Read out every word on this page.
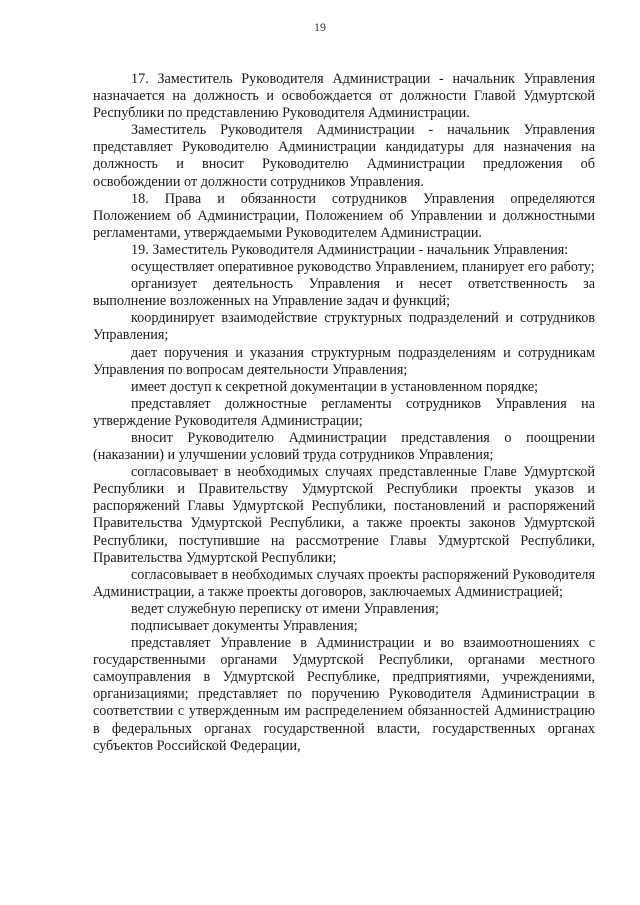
19

17. Заместитель Руководителя Администрации - начальник Управления назначается на должность и освобождается от должности Главой Удмуртской Республики по представлению Руководителя Администрации.

Заместитель Руководителя Администрации - начальник Управления представляет Руководителю Администрации кандидатуры для назначения на должность и вносит Руководителю Администрации предложения об освобождении от должности сотрудников Управления.

18. Права и обязанности сотрудников Управления определяются Положением об Администрации, Положением об Управлении и должностными регламентами, утверждаемыми Руководителем Администрации.

19. Заместитель Руководителя Администрации - начальник Управления:

осуществляет оперативное руководство Управлением, планирует его работу;

организует деятельность Управления и несет ответственность за выполнение возложенных на Управление задач и функций;

координирует взаимодействие структурных подразделений и сотрудников Управления;

дает поручения и указания структурным подразделениям и сотрудникам Управления по вопросам деятельности Управления;

имеет доступ к секретной документации в установленном порядке;

представляет должностные регламенты сотрудников Управления на утверждение Руководителя Администрации;

вносит Руководителю Администрации представления о поощрении (наказании) и улучшении условий труда сотрудников Управления;

согласовывает в необходимых случаях представленные Главе Удмуртской Республики и Правительству Удмуртской Республики проекты указов и распоряжений Главы Удмуртской Республики, постановлений и распоряжений Правительства Удмуртской Республики, а также проекты законов Удмуртской Республики, поступившие на рассмотрение Главы Удмуртской Республики, Правительства Удмуртской Республики;

согласовывает в необходимых случаях проекты распоряжений Руководителя Администрации, а также проекты договоров, заключаемых Администрацией;

ведет служебную переписку от имени Управления;

подписывает документы Управления;

представляет Управление в Администрации и во взаимоотношениях с государственными органами Удмуртской Республики, органами местного самоуправления в Удмуртской Республике, предприятиями, учреждениями, организациями; представляет по поручению Руководителя Администрации в соответствии с утвержденным им распределением обязанностей Администрацию в федеральных органах государственной власти, государственных органах субъектов Российской Федерации,
